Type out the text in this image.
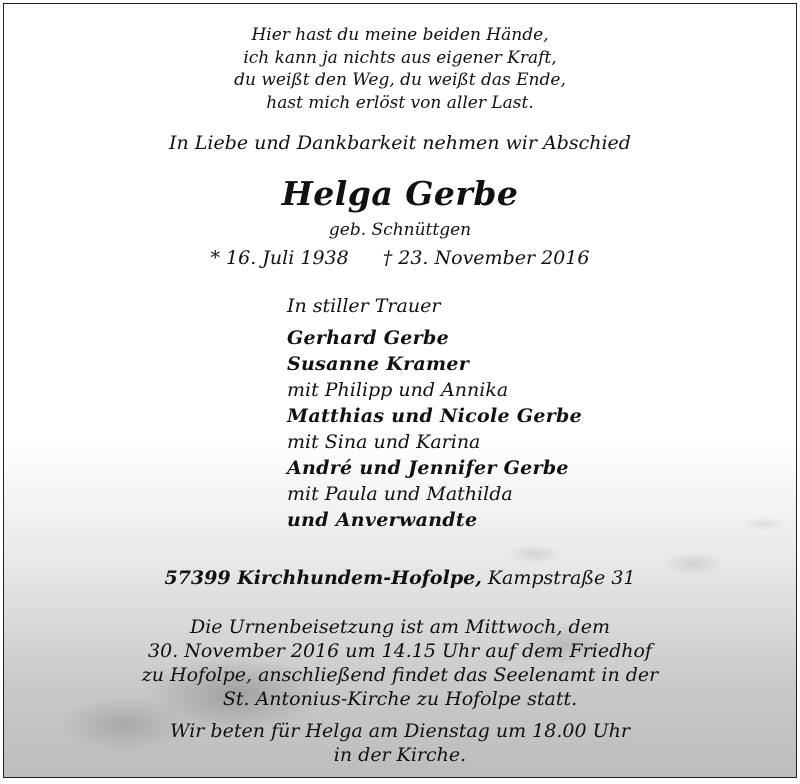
Hier hast du meine beiden Hände,
ich kann ja nichts aus eigener Kraft,
du weißt den Weg, du weißt das Ende,
hast mich erlöst von aller Last.
In Liebe und Dankbarkeit nehmen wir Abschied
Helga Gerbe
geb. Schnüttgen
* 16. Juli 1938 † 23. November 2016
In stiller Trauer
Gerhard Gerbe
Susanne Kramer
mit Philipp und Annika
Matthias und Nicole Gerbe
mit Sina und Karina
André und Jennifer Gerbe
mit Paula und Mathilda
und Anverwandte
57399 Kirchhundem-Hofolpe, Kampstraße 31
Die Urnenbeisetzung ist am Mittwoch, dem
30. November 2016 um 14.15 Uhr auf dem Friedhof
zu Hofolpe, anschließend findet das Seelenamt in der
St. Antonius-Kirche zu Hofolpe statt.
Wir beten für Helga am Dienstag um 18.00 Uhr
in der Kirche.
